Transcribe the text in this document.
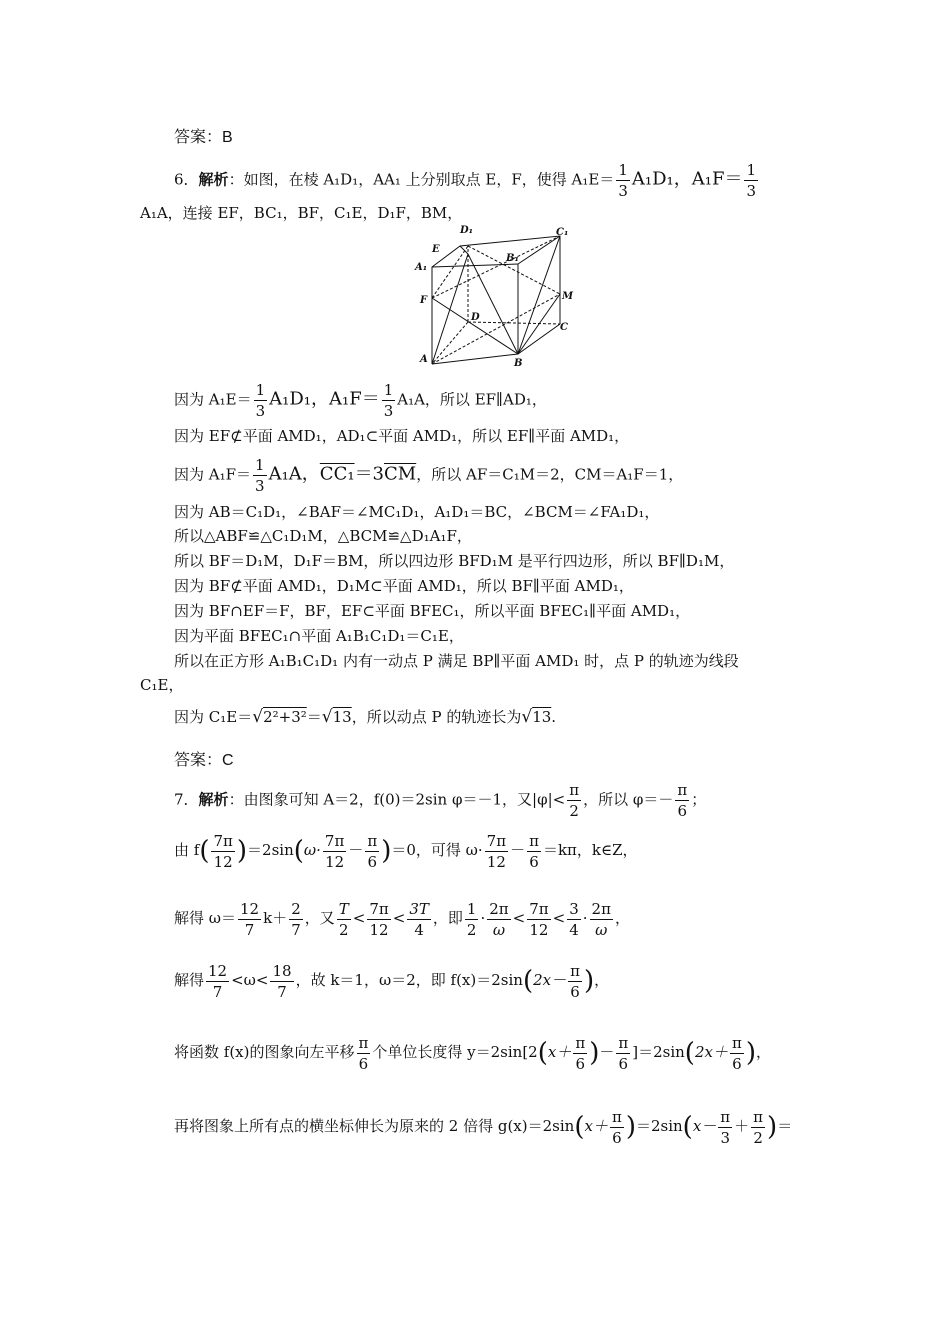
答案：B
6．解析：如图，在棱 A₁D₁，AA₁ 上分别取点 E，F，使得 $A_1E= \frac{1}{3} A_1D_1$，$A_1F= \frac{1}{3}$
A₁A，连接 EF，BC₁，BF，C₁E，D₁F，BM，
D₁	C₁
E
B₁
A₁
F	M
D
C
A	B
因为 $A_1E= \frac{1}{3} A_1D_1$，$A_1F= \frac{1}{3} A_1A$，所以 EF∥AD₁，
因为 EF⊄平面 AMD₁，AD₁⊂平面 AMD₁，所以 EF∥平面 AMD₁，
因为 $A_1F= \frac{1}{3} A_1A$，$CC_1=3\overline{CM}$，所以 AF＝C₁M＝2，CM＝A₁F＝1，
因为 AB＝C₁D₁，∠BAF＝∠MC₁D₁，A₁D₁＝BC，∠BCM＝∠FA₁D₁，
所以△ABF≌△C₁D₁M，△BCM≌△D₁A₁F，
所以 BF＝D₁M，D₁F＝BM，所以四边形 BFD₁M 是平行四边形，所以 BF∥D₁M，
因为 BF⊄平面 AMD₁，D₁M⊂平面 AMD₁，所以 BF∥平面 AMD₁，
因为 BF∩EF＝F，BF，EF⊂平面 BFEC₁，所以平面 BFEC₁∥平面 AMD₁，
因为平面 BFEC₁∩平面 A₁B₁C₁D₁＝C₁E，
所以在正方形 A₁B₁C₁D₁ 内有一动点 P 满足 BP∥平面 AMD₁ 时，点 P 的轨迹为线段
C₁E，
因为 C₁E＝√2²+3²＝√13，所以动点 P 的轨迹长为√13.
答案：C
7．解析：由图象可知 A＝2，f(0)＝2sin φ＝－1，又$|\varphi|< \frac{\pi}{2}$ ，所以 $\varphi=- \frac{\pi}{6}$ ；
由 $f( \frac{7\pi}{12} )=2\sin(\omega\cdot \frac{7\pi}{12} - \frac{\pi}{6} )=0$，可得 $\omega\cdot \frac{7\pi}{12} - \frac{\pi}{6} =k\pi$，k∈Z，
解得 $\omega= \frac{12}{7} k+ \frac{2}{7}$ ，又 $\frac{T}{2} < \frac{7\pi}{12} < \frac{3T}{4}$ ，即 $\frac{1}{2} \cdot \frac{2\pi}{\omega} < \frac{7\pi}{12} < \frac{3}{4} \cdot \frac{2\pi}{\omega}$ ，
解得 $\frac{12}{7} <\omega< \frac{18}{7}$ ，故 k＝1，ω＝2，即 $f(x)=2\sin(2x- \frac{\pi}{6}$ )，
将函数 f(x)的图象向左平移 $\frac{\pi}{6}$ 个单位长度得 $y=2\sin[2(x+ \frac{\pi}{6}$ )－ $\frac{\pi}{6} ]=2\sin(2x+ \frac{\pi}{6}$ )，
再将图象上所有点的横坐标伸长为原来的 2 倍得 $g(x)=2\sin(x+ \frac{\pi}{6} )=2\sin(x- \frac{\pi}{3} + \frac{\pi}{2}$ )＝
